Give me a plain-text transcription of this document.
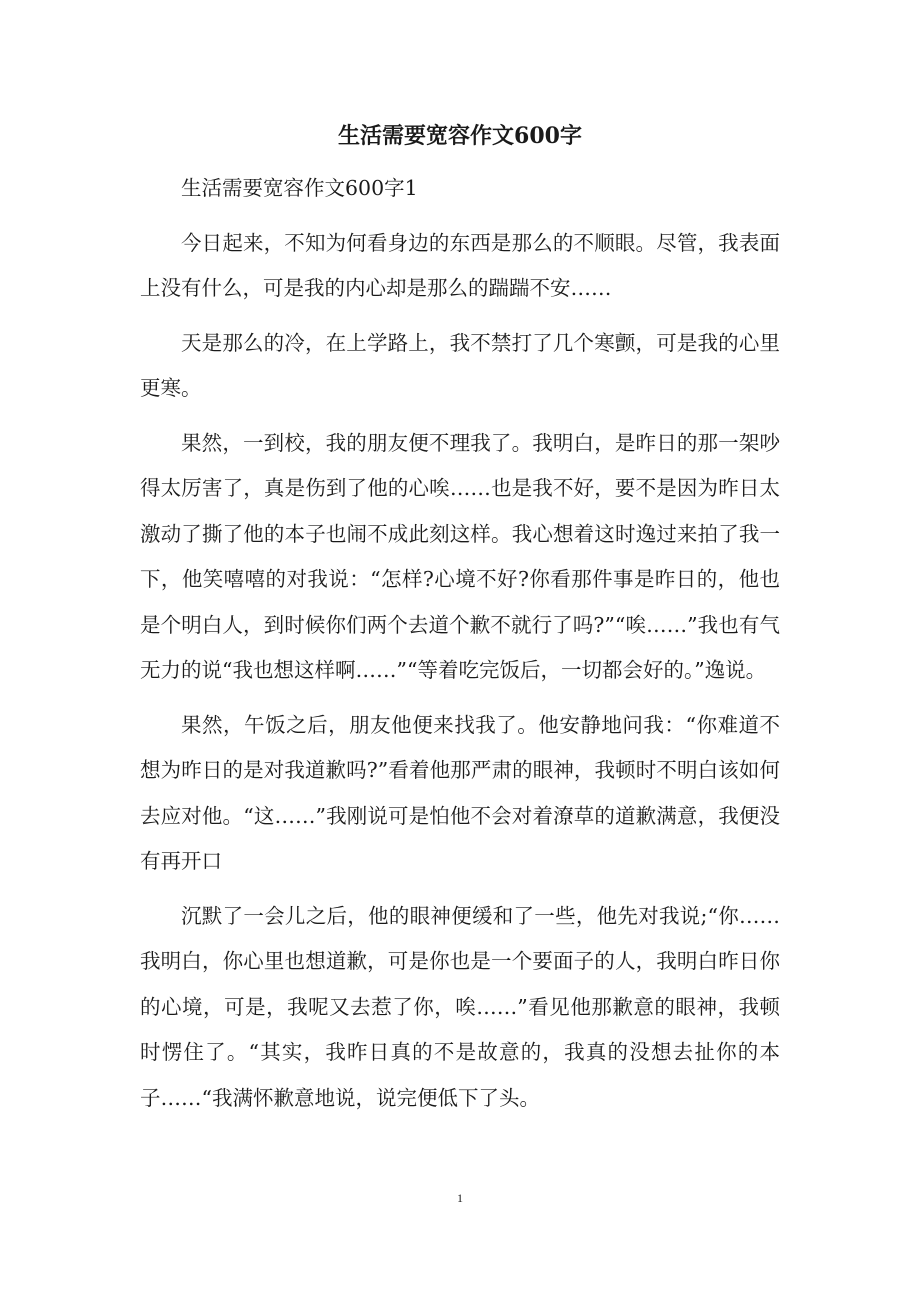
生活需要宽容作文600字

生活需要宽容作文600字1

今日起来，不知为何看身边的东西是那么的不顺眼。尽管，我表面上没有什么，可是我的内心却是那么的踹踹不安……

天是那么的冷，在上学路上，我不禁打了几个寒颤，可是我的心里更寒。

果然，一到校，我的朋友便不理我了。我明白，是昨日的那一架吵得太厉害了，真是伤到了他的心唉……也是我不好，要不是因为昨日太激动了撕了他的本子也闹不成此刻这样。我心想着这时逸过来拍了我一下，他笑嘻嘻的对我说：“怎样?心境不好?你看那件事是昨日的，他也是个明白人，到时候你们两个去道个歉不就行了吗?”“唉……”我也有气无力的说“我也想这样啊……”“等着吃完饭后，一切都会好的。”逸说。

果然，午饭之后，朋友他便来找我了。他安静地问我：“你难道不想为昨日的是对我道歉吗?”看着他那严肃的眼神，我顿时不明白该如何去应对他。“这……”我刚说可是怕他不会对着潦草的道歉满意，我便没有再开口

沉默了一会儿之后，他的眼神便缓和了一些，他先对我说;“你……我明白，你心里也想道歉，可是你也是一个要面子的人，我明白昨日你的心境，可是，我呢又去惹了你，唉……”看见他那歉意的眼神，我顿时愣住了。“其实，我昨日真的不是故意的，我真的没想去扯你的本子……“我满怀歉意地说，说完便低下了头。

1
